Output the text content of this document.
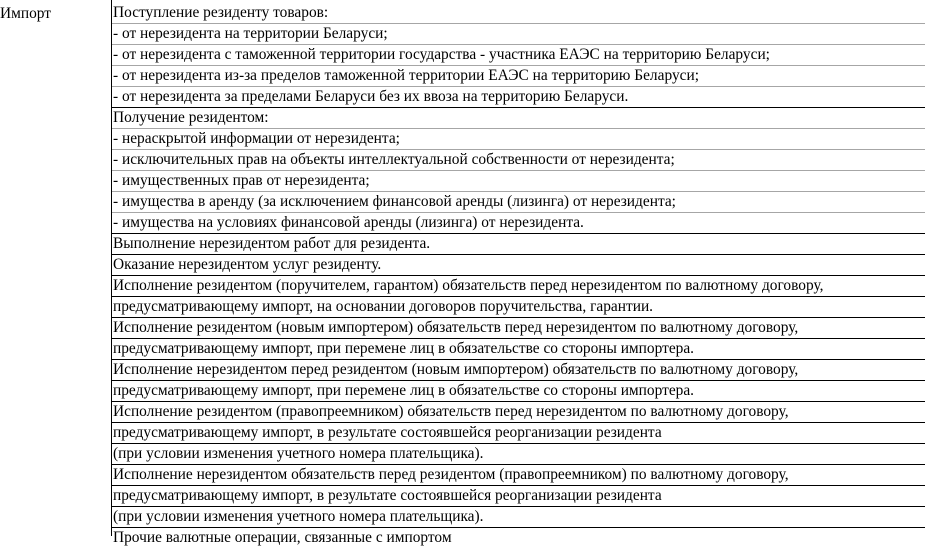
Импорт	Поступление резиденту товаров:
- от нерезидента на территории Беларуси;
- от нерезидента с таможенной территории государства - участника ЕАЭС на территорию Беларуси;
- от нерезидента из-за пределов таможенной территории ЕАЭС на территорию Беларуси;
- от нерезидента за пределами Беларуси без их ввоза на территорию Беларуси.
Получение резидентом:
- нераскрытой информации от нерезидента;
- исключительных прав на объекты интеллектуальной собственности от нерезидента;
- имущественных прав от нерезидента;
- имущества в аренду (за исключением финансовой аренды (лизинга) от нерезидента;
- имущества на условиях финансовой аренды (лизинга) от нерезидента.
Выполнение нерезидентом работ для резидента.
Оказание нерезидентом услуг резиденту.
Исполнение резидентом (поручителем, гарантом) обязательств перед нерезидентом по валютному договору,
предусматривающему импорт, на основании договоров поручительства, гарантии.
Исполнение резидентом (новым импортером) обязательств перед нерезидентом по валютному договору,
предусматривающему импорт, при перемене лиц в обязательстве со стороны импортера.
Исполнение нерезидентом перед резидентом (новым импортером) обязательств по валютному договору,
предусматривающему импорт, при перемене лиц в обязательстве со стороны импортера.
Исполнение резидентом (правопреемником) обязательств перед нерезидентом по валютному договору,
предусматривающему импорт, в результате состоявшейся реорганизации резидента
(при условии изменения учетного номера плательщика).
Исполнение нерезидентом обязательств перед резидентом (правопреемником) по валютному договору,
предусматривающему импорт, в результате состоявшейся реорганизации резидента
(при условии изменения учетного номера плательщика).
Прочие валютные операции, связанные с импортом
